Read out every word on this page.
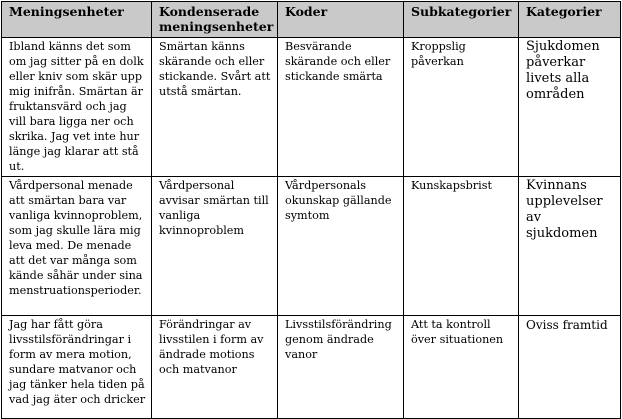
Meningsenheter	Kondenserade meningsenheter	Koder	Subkategorier	Kategorier
Ibland känns det som om jag sitter på en dolk eller kniv som skär upp mig inifrån. Smärtan är fruktansvärd och jag vill bara ligga ner och skrika. Jag vet inte hur länge jag klarar att stå ut.	Smärtan känns skärande och eller stickande. Svårt att utstå smärtan.	Besvärande skärande och eller stickande smärta	Kroppslig påverkan	Sjukdomen påverkar livets alla områden
Vårdpersonal menade att smärtan bara var vanliga kvinnoproblem, som jag skulle lära mig leva med. De menade att det var många som kände såhär under sina menstruationsperioder.	Vårdpersonal avvisar smärtan till vanliga kvinnoproblem	Vårdpersonals okunskap gällande symtom	Kunskapsbrist	Kvinnans upplevelser av sjukdomen
Jag har fått göra livsstilsförändringar i form av mera motion, sundare matvanor och jag tänker hela tiden på vad jag äter och dricker	Förändringar av livsstilen i form av ändrade motions och matvanor	Livsstilsförändring genom ändrade vanor	Att ta kontroll över situationen	Oviss framtid
